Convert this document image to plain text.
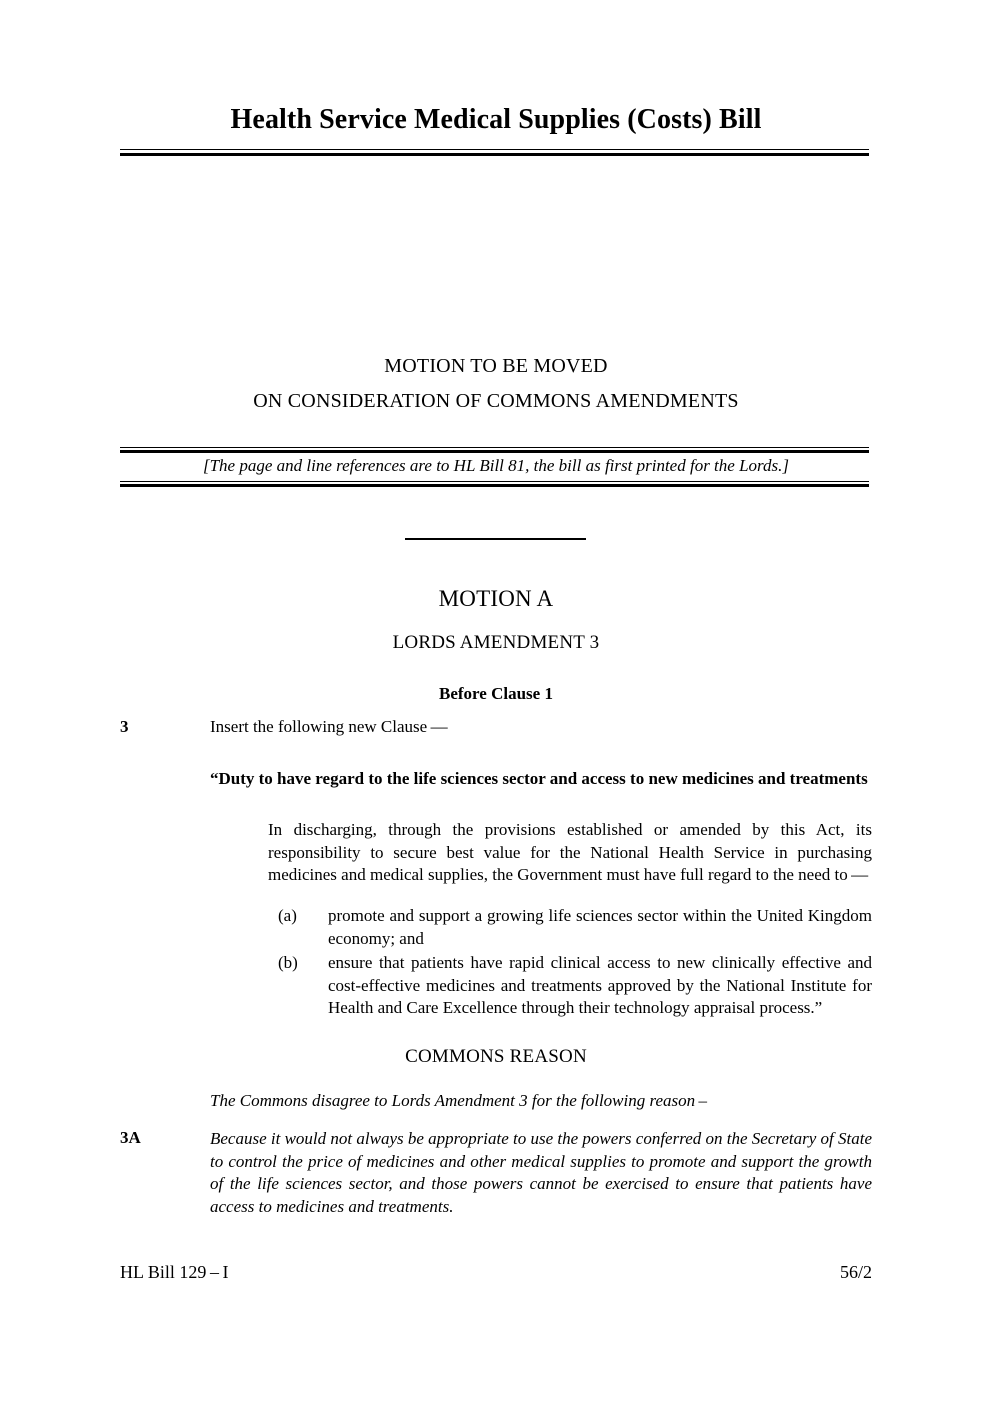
Health Service Medical Supplies (Costs) Bill
MOTION TO BE MOVED
ON CONSIDERATION OF COMMONS AMENDMENTS
[The page and line references are to HL Bill 81, the bill as first printed for the Lords.]
MOTION A
LORDS AMENDMENT 3
Before Clause 1
3	Insert the following new Clause —
“Duty to have regard to the life sciences sector and access to new medicines and treatments
In discharging, through the provisions established or amended by this Act, its responsibility to secure best value for the National Health Service in purchasing medicines and medical supplies, the Government must have full regard to the need to —
(a)	promote and support a growing life sciences sector within the United Kingdom economy; and
(b)	ensure that patients have rapid clinical access to new clinically effective and cost-effective medicines and treatments approved by the National Institute for Health and Care Excellence through their technology appraisal process.”
COMMONS REASON
The Commons disagree to Lords Amendment 3 for the following reason –
3A	Because it would not always be appropriate to use the powers conferred on the Secretary of State to control the price of medicines and other medical supplies to promote and support the growth of the life sciences sector, and those powers cannot be exercised to ensure that patients have access to medicines and treatments.
HL Bill 129 – I	56/2
